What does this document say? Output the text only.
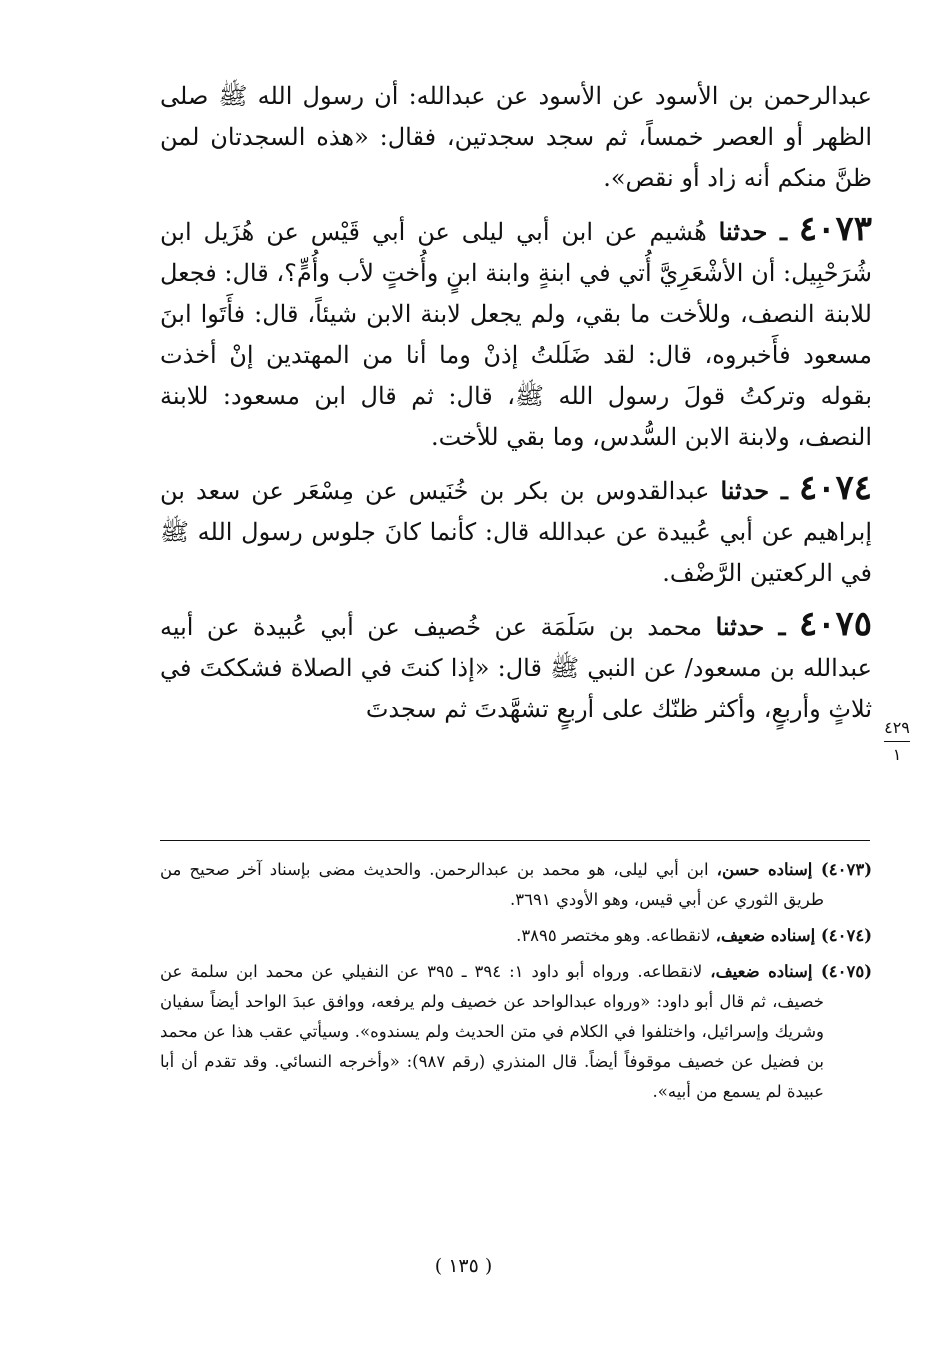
عبدالرحمن بن الأسود عن الأسود عن عبدالله: أن رسول الله ﷺ صلى الظهر أو العصر خمساً، ثم سجد سجدتين، فقال: «هذه السجدتان لمن ظنَّ منكم أنه زاد أو نقص».

٤٠٧٣ ـ حدثنا هُشيم عن ابن أبي ليلى عن أبي قَيْس عن هُزَيل ابن شُرَحْبِيل: أن الأشْعَرِيَّ أُتي في ابنةٍ وابنة ابنٍ وأُختٍ لأب وأُمٍّ؟، قال: فجعل للابنة النصف، وللأخت ما بقي، ولم يجعل لابنة الابن شيئاً، قال: فأَتَوا ابنَ مسعود فأَخبروه، قال: لقد ضَلَلتُ إذنْ وما أنا من المهتدين إنْ أخذت بقوله وتركتُ قولَ رسول الله ﷺ، قال: ثم قال ابن مسعود: للابنة النصف، ولابنة الابن السُّدس، وما بقي للأخت.

٤٠٧٤ ـ حدثنا عبدالقدوس بن بكر بن خُنَيس عن مِسْعَر عن سعد بن إبراهيم عن أبي عُبيدة عن عبدالله قال: كأنما كانَ جلوس رسول الله ﷺ في الركعتين الرَّضْف.

٤٠٧٥ ـ حدثنا محمد بن سَلَمَة عن خُصيف عن أبي عُبيدة عن أبيه عبدالله بن مسعود/ عن النبي ﷺ قال: «إذا كنتَ في الصلاة فشككتَ في ثلاثٍ وأربعٍ، وأكثر ظنّك على أربعٍ تشهَّدتَ ثم سجدتَ

٤٢٩
١

(٤٠٧٣) إسناده حسن، ابن أبي ليلى، هو محمد بن عبدالرحمن. والحديث مضى بإسناد آخر صحيح من طريق الثوري عن أبي قيس، وهو الأودي ٣٦٩١.

(٤٠٧٤) إسناده ضعيف، لانقطاعه. وهو مختصر ٣٨٩٥.

(٤٠٧٥) إسناده ضعيف، لانقطاعه. ورواه أبو داود ١: ٣٩٤ ـ ٣٩٥ عن النفيلي عن محمد ابن سلمة عن خصيف، ثم قال أبو داود: «ورواه عبدالواحد عن خصيف ولم يرفعه، ووافق عبدَ الواحد أيضاً سفيان وشريك وإسرائيل، واختلفوا في الكلام في متن الحديث ولم يسندوه». وسيأتي عقب هذا عن محمد بن فضيل عن خصيف موقوفاً أيضاً. قال المنذري (رقم ٩٨٧): «وأخرجه النسائي. وقد تقدم أن أبا عبيدة لم يسمع من أبيه».

( ١٣٥ )
